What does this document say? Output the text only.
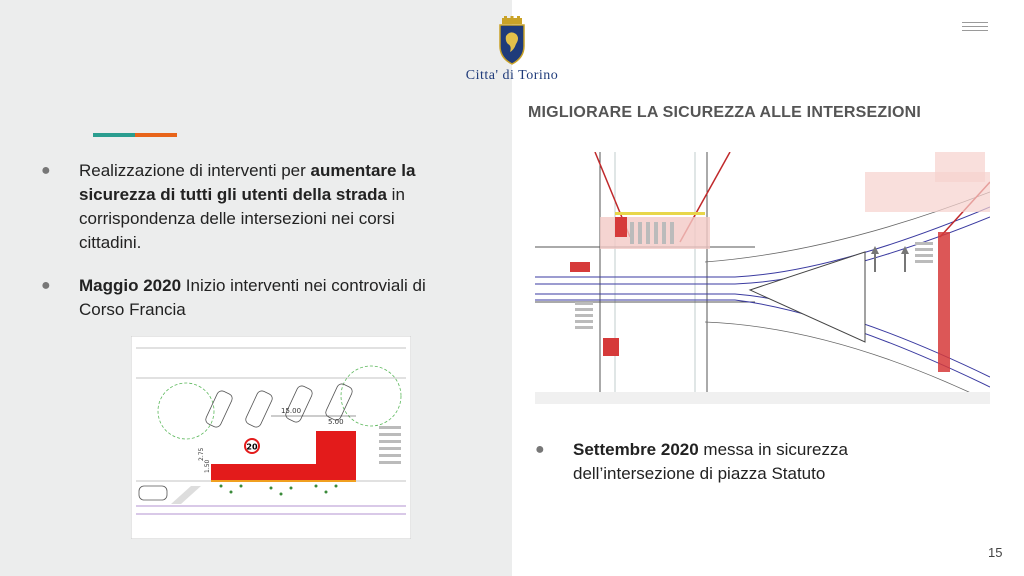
● Realizzazione di interventi per aumentare la
sicurezza di tutti gli utenti della strada in
corrispondenza delle intersezioni nei corsi
cittadini.
● Maggio 2020 Inizio interventi nei controviali di
Corso Francia
Citta' di Torino
MIGLIORARE LA SICUREZZA ALLE INTERSEZIONI
20
15.00
5.00
2.75
1.50
● Settembre 2020 messa in sicurezza
dell’intersezione di piazza Statuto
15
